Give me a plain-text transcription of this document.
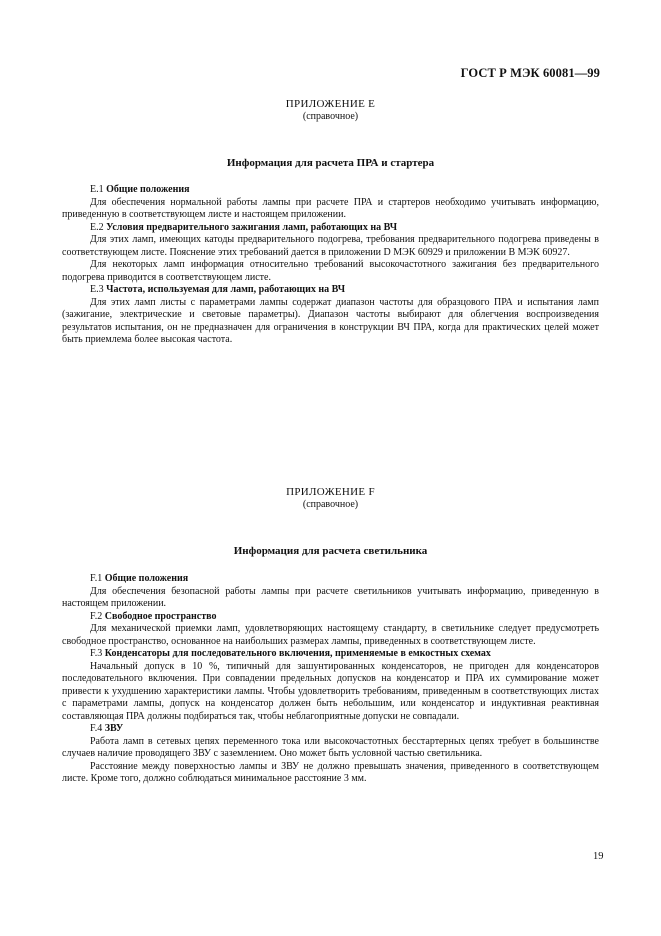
ГОСТ Р МЭК 60081—99
ПРИЛОЖЕНИЕ E
(справочное)
Информация для расчета ПРА и стартера

E.1 Общие положения

Для обеспечения нормальной работы лампы при расчете ПРА и стартеров необходимо учитывать информацию, приведенную в соответствующем листе и настоящем приложении.

E.2 Условия предварительного зажигания ламп, работающих на ВЧ

Для этих ламп, имеющих катоды предварительного подогрева, требования предварительного подогрева приведены в соответствующем листе. Пояснение этих требований дается в приложении D МЭК 60929 и приложении B МЭК 60927.

Для некоторых ламп информация относительно требований высокочастотного зажигания без предварительного подогрева приводится в соответствующем листе.

E.3 Частота, используемая для ламп, работающих на ВЧ

Для этих ламп листы с параметрами лампы содержат диапазон частоты для образцового ПРА и испытания ламп (зажигание, электрические и световые параметры). Диапазон частоты выбирают для облегчения воспроизведения результатов испытания, он не предназначен для ограничения в конструкции ВЧ ПРА, когда для практических целей может быть приемлема более высокая частота.

ПРИЛОЖЕНИЕ F
(справочное)
Информация для расчета светильника

F.1 Общие положения

Для обеспечения безопасной работы лампы при расчете светильников учитывать информацию, приведенную в настоящем приложении.

F.2 Свободное пространство

Для механической приемки ламп, удовлетворяющих настоящему стандарту, в светильнике следует предусмотреть свободное пространство, основанное на наибольших размерах лампы, приведенных в соответствующем листе.

F.3 Конденсаторы для последовательного включения, применяемые в емкостных схемах

Начальный допуск в 10 %, типичный для зашунтированных конденсаторов, не пригоден для конденсаторов последовательного включения. При совпадении предельных допусков на конденсатор и ПРА их суммирование может привести к ухудшению характеристики лампы. Чтобы удовлетворить требованиям, приведенным в соответствующих листах с параметрами лампы, допуск на конденсатор должен быть небольшим, или конденсатор и индуктивная реактивная составляющая ПРА должны подбираться так, чтобы неблагоприятные допуски не совпадали.

F.4 ЗВУ

Работа ламп в сетевых цепях переменного тока или высокочастотных бесстартерных цепях требует в большинстве случаев наличие проводящего ЗВУ с заземлением. Оно может быть условной частью светильника.

Расстояние между поверхностью лампы и ЗВУ не должно превышать значения, приведенного в соответствующем листе. Кроме того, должно соблюдаться минимальное расстояние 3 мм.

19
